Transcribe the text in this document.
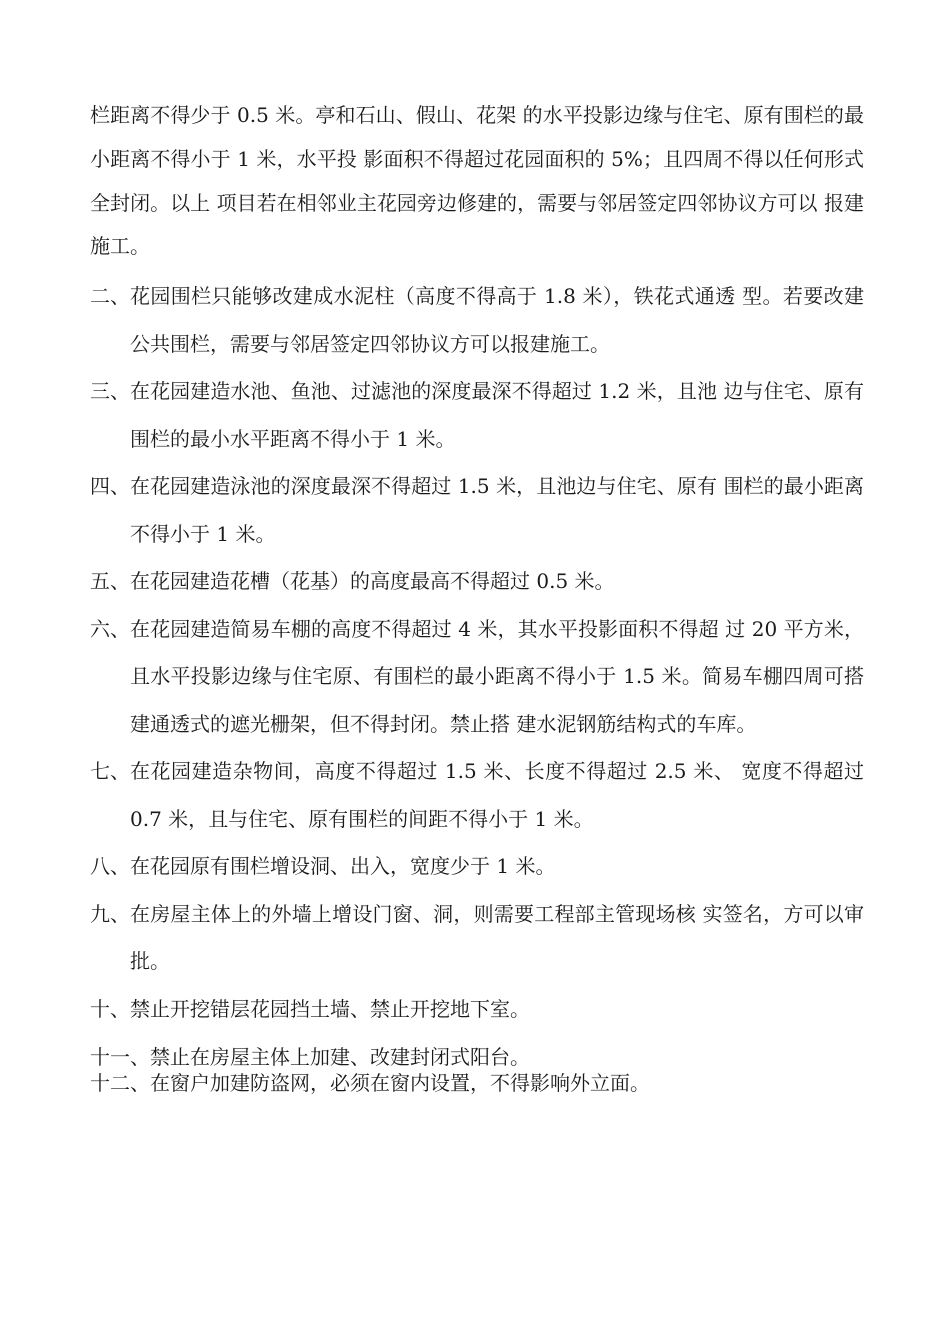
栏距离不得少于 0.5 米。亭和石山、假山、花架 的水平投影边缘与住宅、原有围栏的最小距离不得小于 1 米，水平投 影面积不得超过花园面积的 5%；且四周不得以任何形式全封闭。以上 项目若在相邻业主花园旁边修建的，需要与邻居签定四邻协议方可以 报建施工。

二、 花园围栏只能够改建成水泥柱（高度不得高于 1.8 米），铁花式通透 型。若要改建公共围栏，需要与邻居签定四邻协议方可以报建施工。
三、 在花园建造水池、鱼池、过滤池的深度最深不得超过 1.2 米，且池 边与住宅、原有围栏的最小水平距离不得小于 1 米。
四、 在花园建造泳池的深度最深不得超过 1.5 米，且池边与住宅、原有 围栏的最小距离不得小于 1 米。
五、 在花园建造花槽（花基）的高度最高不得超过 0.5 米。
六、 在花园建造简易车棚的高度不得超过 4 米，其水平投影面积不得超 过 20 平方米，且水平投影边缘与住宅原、有围栏的最小距离不得小于 1.5 米。简易车棚四周可搭建通透式的遮光栅架，但不得封闭。禁止搭 建水泥钢筋结构式的车库。
七、 在花园建造杂物间，高度不得超过 1.5 米、长度不得超过 2.5 米、 宽度不得超过 0.7 米，且与住宅、原有围栏的间距不得小于 1 米。
八、 在花园原有围栏增设洞、出入，宽度少于 1 米。
九、 在房屋主体上的外墙上增设门窗、洞，则需要工程部主管现场核 实签名，方可以审批。
十、 禁止开挖错层花园挡土墙、禁止开挖地下室。
十一、 禁止在房屋主体上加建、改建封闭式阳台。
十二、 在窗户加建防盗网，必须在窗内设置，不得影响外立面。
